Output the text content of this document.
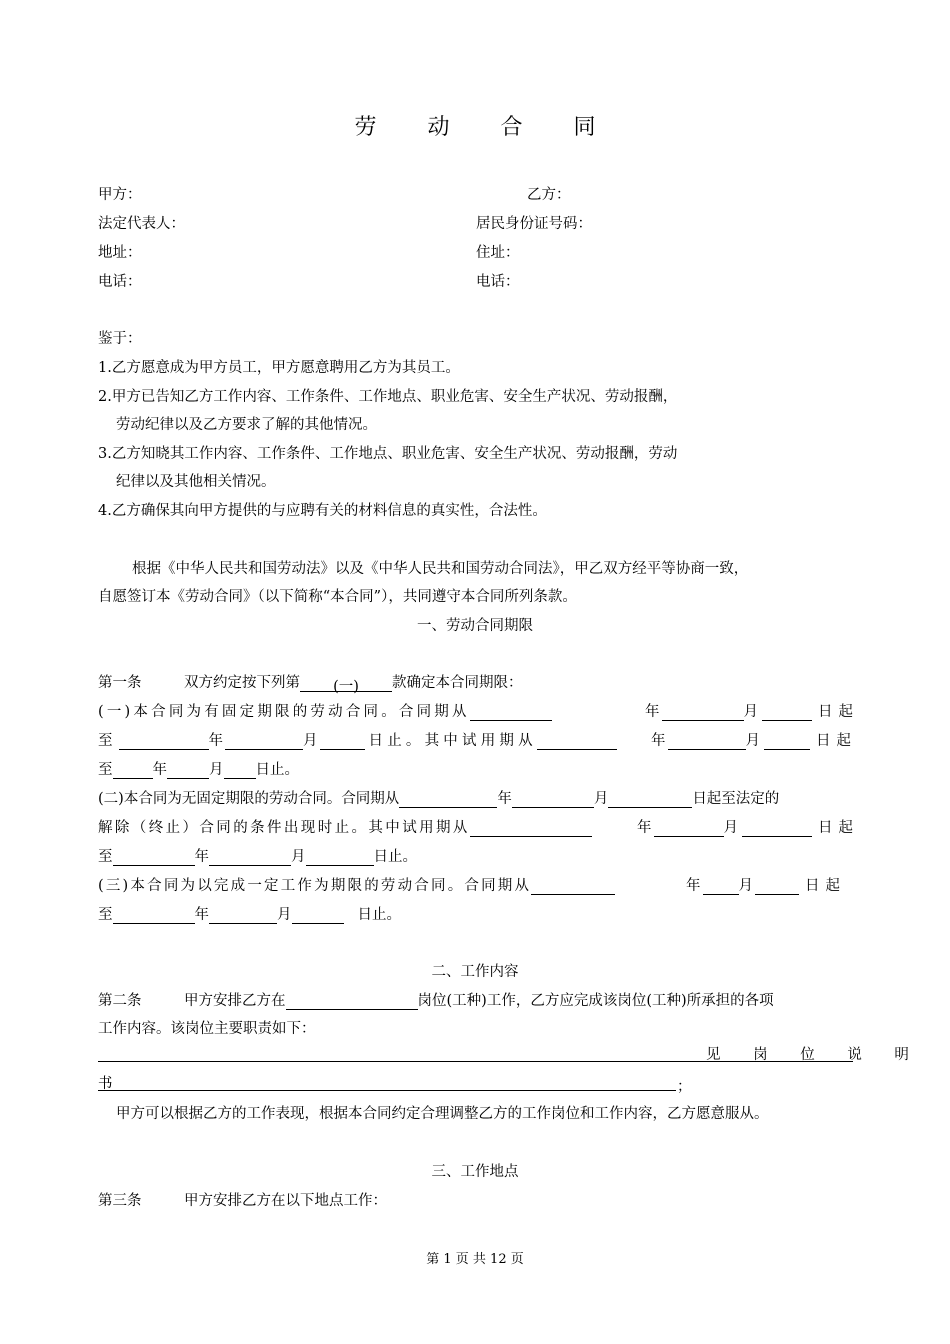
劳 动 合 同
甲方：	乙方：
法定代表人：	居民身份证号码：
地址：	住址：
电话：	电话：
鉴于：
1.乙方愿意成为甲方员工，甲方愿意聘用乙方为其员工。
2.甲方已告知乙方工作内容、工作条件、工作地点、职业危害、安全生产状况、劳动报酬，
劳动纪律以及乙方要求了解的其他情况。
3.乙方知晓其工作内容、工作条件、工作地点、职业危害、安全生产状况、劳动报酬，劳动
纪律以及其他相关情况。
4.乙方确保其向甲方提供的与应聘有关的材料信息的真实性，合法性。
根据《中华人民共和国劳动法》以及《中华人民共和国劳动合同法》，甲乙双方经平等协商一致，
自愿签订本《劳动合同》（以下简称“本合同”），共同遵守本合同所列条款。
一、劳动合同期限
第一条	双方约定按下列第 (一) 款确定本合同期限：
(一)本合同为有固定期限的劳动合同。合同期从	年	月	日起
至	年	月	日止。其中试用期从	年	月	日起
至	年	月 日止。
(二)本合同为无固定期限的劳动合同。合同期从	年	月	日起至法定的
解除（终止）合同的条件出现时止。其中试用期从	年	月	日起
至	年	月	日止。
(三)本合同为以完成一定工作为期限的劳动合同。合同期从	年	月	日起
至	年	月	日止。
二、工作内容
第二条	甲方安排乙方在	岗位(工种)工作，乙方应完成该岗位(工种)所承担的各项
工作内容。该岗位主要职责如下：
见 岗 位 说 明
书	；
甲方可以根据乙方的工作表现，根据本合同约定合理调整乙方的工作岗位和工作内容，乙方愿意服从。
三、工作地点
第三条	甲方安排乙方在以下地点工作：
第 1 页 共 12 页
